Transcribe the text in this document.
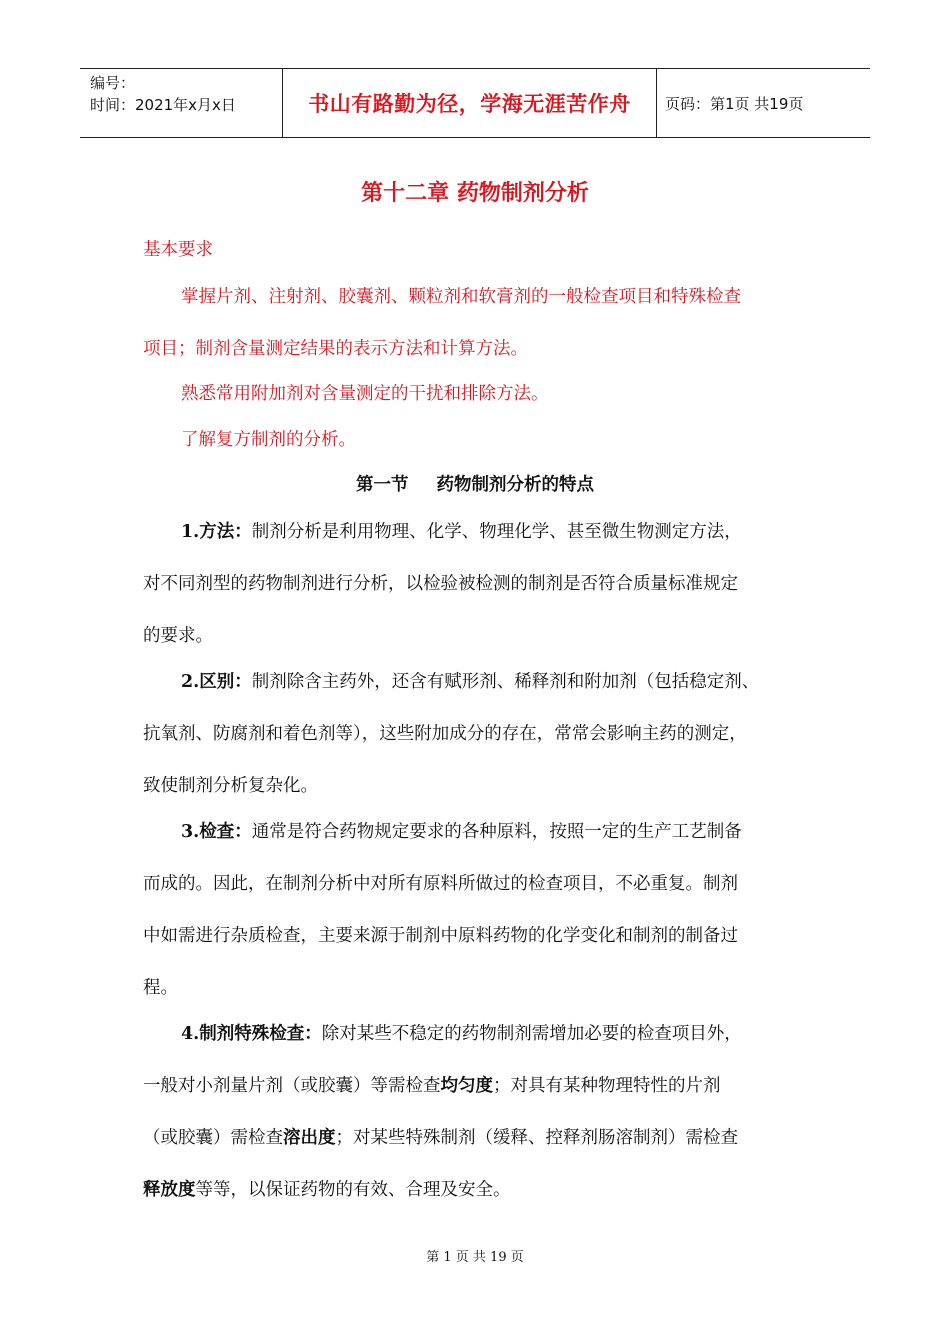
编号：
时间：2021年x月x日	书山有路勤为径，学海无涯苦作舟	页码：第1页 共19页
第十二章 药物制剂分析
基本要求
掌握片剂、注射剂、胶囊剂、颗粒剂和软膏剂的一般检查项目和特殊检查
项目；制剂含量测定结果的表示方法和计算方法。
熟悉常用附加剂对含量测定的干扰和排除方法。
了解复方制剂的分析。
第一节 药物制剂分析的特点
1.方法：制剂分析是利用物理、化学、物理化学、甚至微生物测定方法，
对不同剂型的药物制剂进行分析，以检验被检测的制剂是否符合质量标准规定
的要求。
2.区别：制剂除含主药外，还含有赋形剂、稀释剂和附加剂（包括稳定剂、
抗氧剂、防腐剂和着色剂等），这些附加成分的存在，常常会影响主药的测定，
致使制剂分析复杂化。
3.检查：通常是符合药物规定要求的各种原料，按照一定的生产工艺制备
而成的。因此，在制剂分析中对所有原料所做过的检查项目，不必重复。制剂
中如需进行杂质检查，主要来源于制剂中原料药物的化学变化和制剂的制备过
程。
4.制剂特殊检查：除对某些不稳定的药物制剂需增加必要的检查项目外，
一般对小剂量片剂（或胶囊）等需检查均匀度；对具有某种物理特性的片剂
（或胶囊）需检查溶出度；对某些特殊制剂（缓释、控释剂肠溶制剂）需检查
释放度等等，以保证药物的有效、合理及安全。
第 1 页 共 19 页
